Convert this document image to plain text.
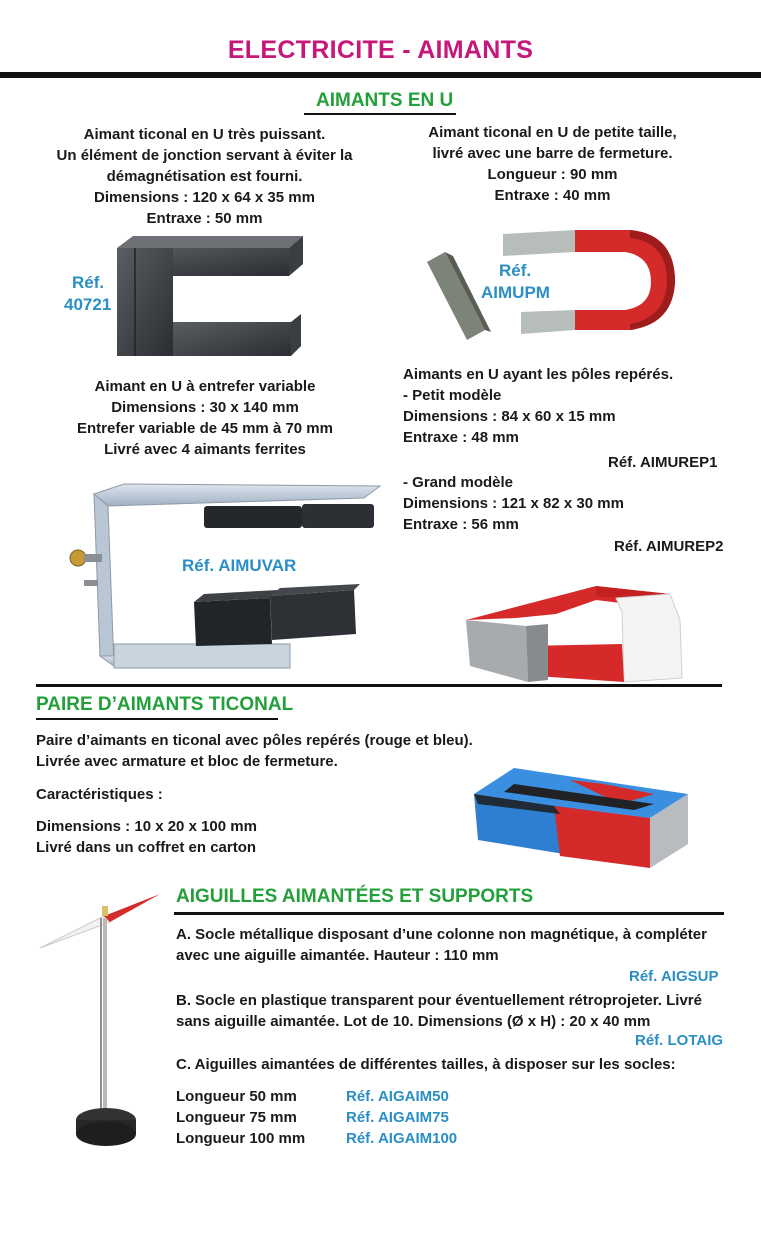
ELECTRICITE - AIMANTS
AIMANTS EN U
Aimant ticonal en U très puissant.
Un élément de jonction servant à éviter la
démagnétisation est fourni.
Dimensions : 120 x 64 x 35 mm
Entraxe : 50 mm
Aimant ticonal en U de petite taille,
livré avec une barre de fermeture.
Longueur : 90 mm
Entraxe : 40 mm
Réf.
40721
Réf.
AIMUPM
Aimant en U à entrefer variable
Dimensions : 30 x 140 mm
Entrefer variable de 45 mm à 70 mm
Livré avec 4 aimants ferrites
Aimants en U ayant les pôles repérés.
- Petit modèle
Dimensions : 84 x 60 x 15 mm
Entraxe : 48 mm
Réf. AIMUREP1
- Grand modèle
Dimensions : 121 x 82 x 30 mm
Entraxe : 56 mm
Réf. AIMUREP2
Réf. AIMUVAR
PAIRE D’AIMANTS TICONAL
Paire d’aimants en ticonal avec pôles repérés (rouge et bleu).
Livrée avec armature et bloc de fermeture.
Caractéristiques :
Dimensions : 10 x 20 x 100 mm
Livré dans un coffret en carton
AIGUILLES AIMANTÉES ET SUPPORTS
A. Socle métallique disposant d’une colonne non magnétique, à compléter
avec une aiguille aimantée. Hauteur : 110 mm
Réf. AIGSUP
B. Socle en plastique transparent pour éventuellement rétroprojeter. Livré
sans aiguille aimantée. Lot de 10. Dimensions (Ø x H) : 20 x 40 mm
Réf. LOTAIG
C. Aiguilles aimantées de différentes tailles, à disposer sur les socles:
Longueur 50 mm	Réf. AIGAIM50
Longueur 75 mm	Réf. AIGAIM75
Longueur 100 mm	Réf. AIGAIM100
